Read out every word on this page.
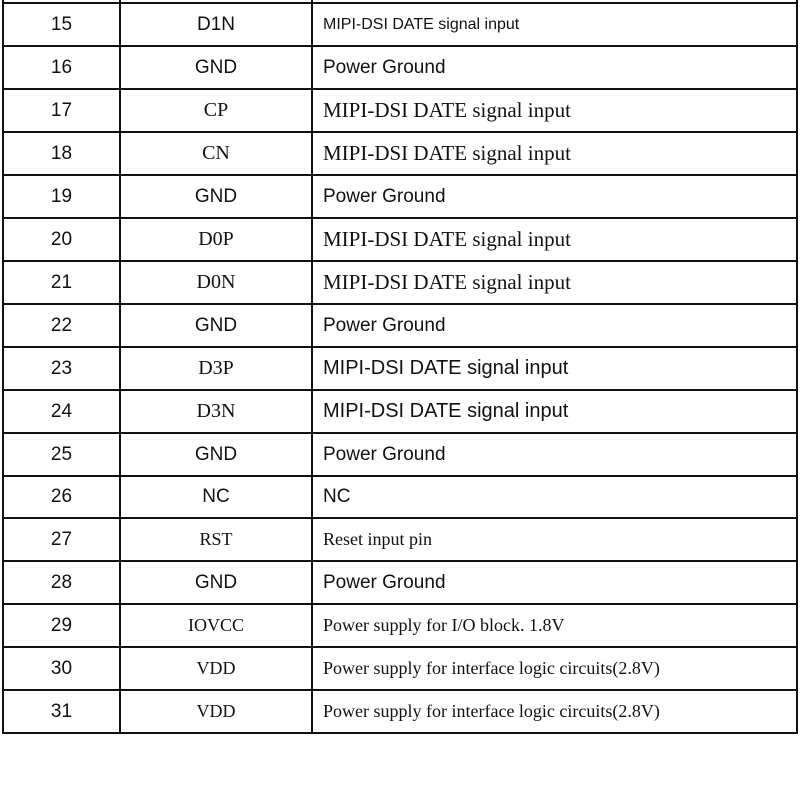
15	D1N	MIPI-DSI DATE signal input
16	GND	Power Ground
17	CP	MIPI-DSI DATE signal input
18	CN	MIPI-DSI DATE signal input
19	GND	Power Ground
20	D0P	MIPI-DSI DATE signal input
21	D0N	MIPI-DSI DATE signal input
22	GND	Power Ground
23	D3P	MIPI-DSI DATE signal input
24	D3N	MIPI-DSI DATE signal input
25	GND	Power Ground
26	NC	NC
27	RST	Reset input pin
28	GND	Power Ground
29	IOVCC	Power supply for I/O block. 1.8V
30	VDD	Power supply for interface logic circuits(2.8V)
31	VDD	Power supply for interface logic circuits(2.8V)
